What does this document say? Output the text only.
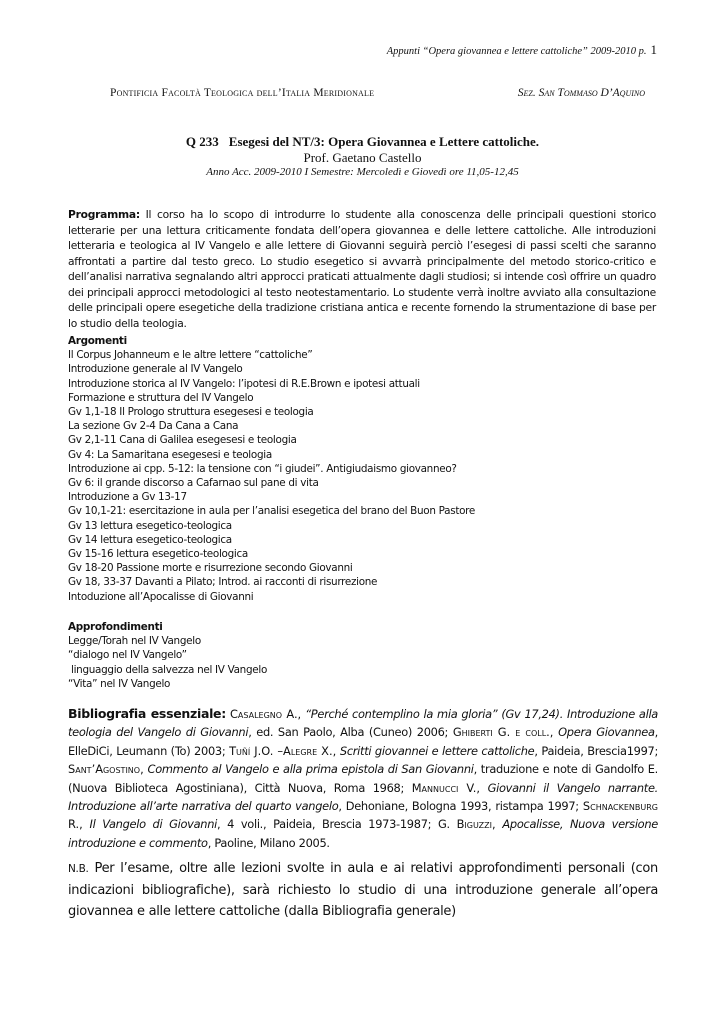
Appunti “Opera giovannea e lettere cattoliche” 2009-2010 p. 1
Pontificia Facoltà Teologica dell’Italia Meridionale	Sez. San Tommaso D’Aquino
Q 233 Esegesi del NT/3: Opera Giovannea e Lettere cattoliche.
Prof. Gaetano Castello
Anno Acc. 2009-2010 I Semestre: Mercoledì e Giovedì ore 11,05-12,45
Programma: Il corso ha lo scopo di introdurre lo studente alla conoscenza delle principali questioni storico letterarie per una lettura criticamente fondata dell’opera giovannea e delle lettere cattoliche. Alle introduzioni letteraria e teologica al IV Vangelo e alle lettere di Giovanni seguirà perciò l’esegesi di passi scelti che saranno affrontati a partire dal testo greco. Lo studio esegetico si avvarrà principalmente del metodo storico-critico e dell’analisi narrativa segnalando altri approcci praticati attualmente dagli studiosi; si intende così offrire un quadro dei principali approcci metodologici al testo neotestamentario. Lo studente verrà inoltre avviato alla consultazione delle principali opere esegetiche della tradizione cristiana antica e recente fornendo la strumentazione di base per lo studio della teologia.
Argomenti
Il Corpus Johanneum e le altre lettere “cattoliche”
Introduzione generale al IV Vangelo
Introduzione storica al IV Vangelo: l’ipotesi di R.E.Brown e ipotesi attuali
Formazione e struttura del IV Vangelo
Gv 1,1-18 Il Prologo struttura esegesesi e teologia
La sezione Gv 2-4 Da Cana a Cana
Gv 2,1-11 Cana di Galilea esegesesi e teologia
Gv 4: La Samaritana esegesesi e teologia
Introduzione ai cpp. 5-12: la tensione con “i giudei”. Antigiudaismo giovanneo?
Gv 6: il grande discorso a Cafarnao sul pane di vita
Introduzione a Gv 13-17
Gv 10,1-21: esercitazione in aula per l’analisi esegetica del brano del Buon Pastore
Gv 13 lettura esegetico-teologica
Gv 14 lettura esegetico-teologica
Gv 15-16 lettura esegetico-teologica
Gv 18-20 Passione morte e risurrezione secondo Giovanni
Gv 18, 33-37 Davanti a Pilato; Introd. ai racconti di risurrezione
Intoduzione all’Apocalisse di Giovanni
Approfondimenti
Legge/Torah nel IV Vangelo
“dialogo nel IV Vangelo”
linguaggio della salvezza nel IV Vangelo
“Vita” nel IV Vangelo
Bibliografia essenziale: Casalegno A., “Perché contemplino la mia gloria” (Gv 17,24). Introduzione alla teologia del Vangelo di Giovanni, ed. San Paolo, Alba (Cuneo) 2006; Ghiberti G. e coll., Opera Giovannea, ElleDiCi, Leumann (To) 2003; Tuñí J.O. –Alegre X., Scritti giovannei e lettere cattoliche, Paideia, Brescia1997; Sant’Agostino, Commento al Vangelo e alla prima epistola di San Giovanni, traduzione e note di Gandolfo E. (Nuova Biblioteca Agostiniana), Città Nuova, Roma 1968; Mannucci V., Giovanni il Vangelo narrante. Introduzione all’arte narrativa del quarto vangelo, Dehoniane, Bologna 1993, ristampa 1997; Schnackenburg R., Il Vangelo di Giovanni, 4 voli., Paideia, Brescia 1973-1987; G. Biguzzi, Apocalisse, Nuova versione introduzione e commento, Paoline, Milano 2005.
N.B. Per l’esame, oltre alle lezioni svolte in aula e ai relativi approfondimenti personali (con indicazioni bibliografiche), sarà richiesto lo studio di una introduzione generale all’opera giovannea e alle lettere cattoliche (dalla Bibliografia generale)
